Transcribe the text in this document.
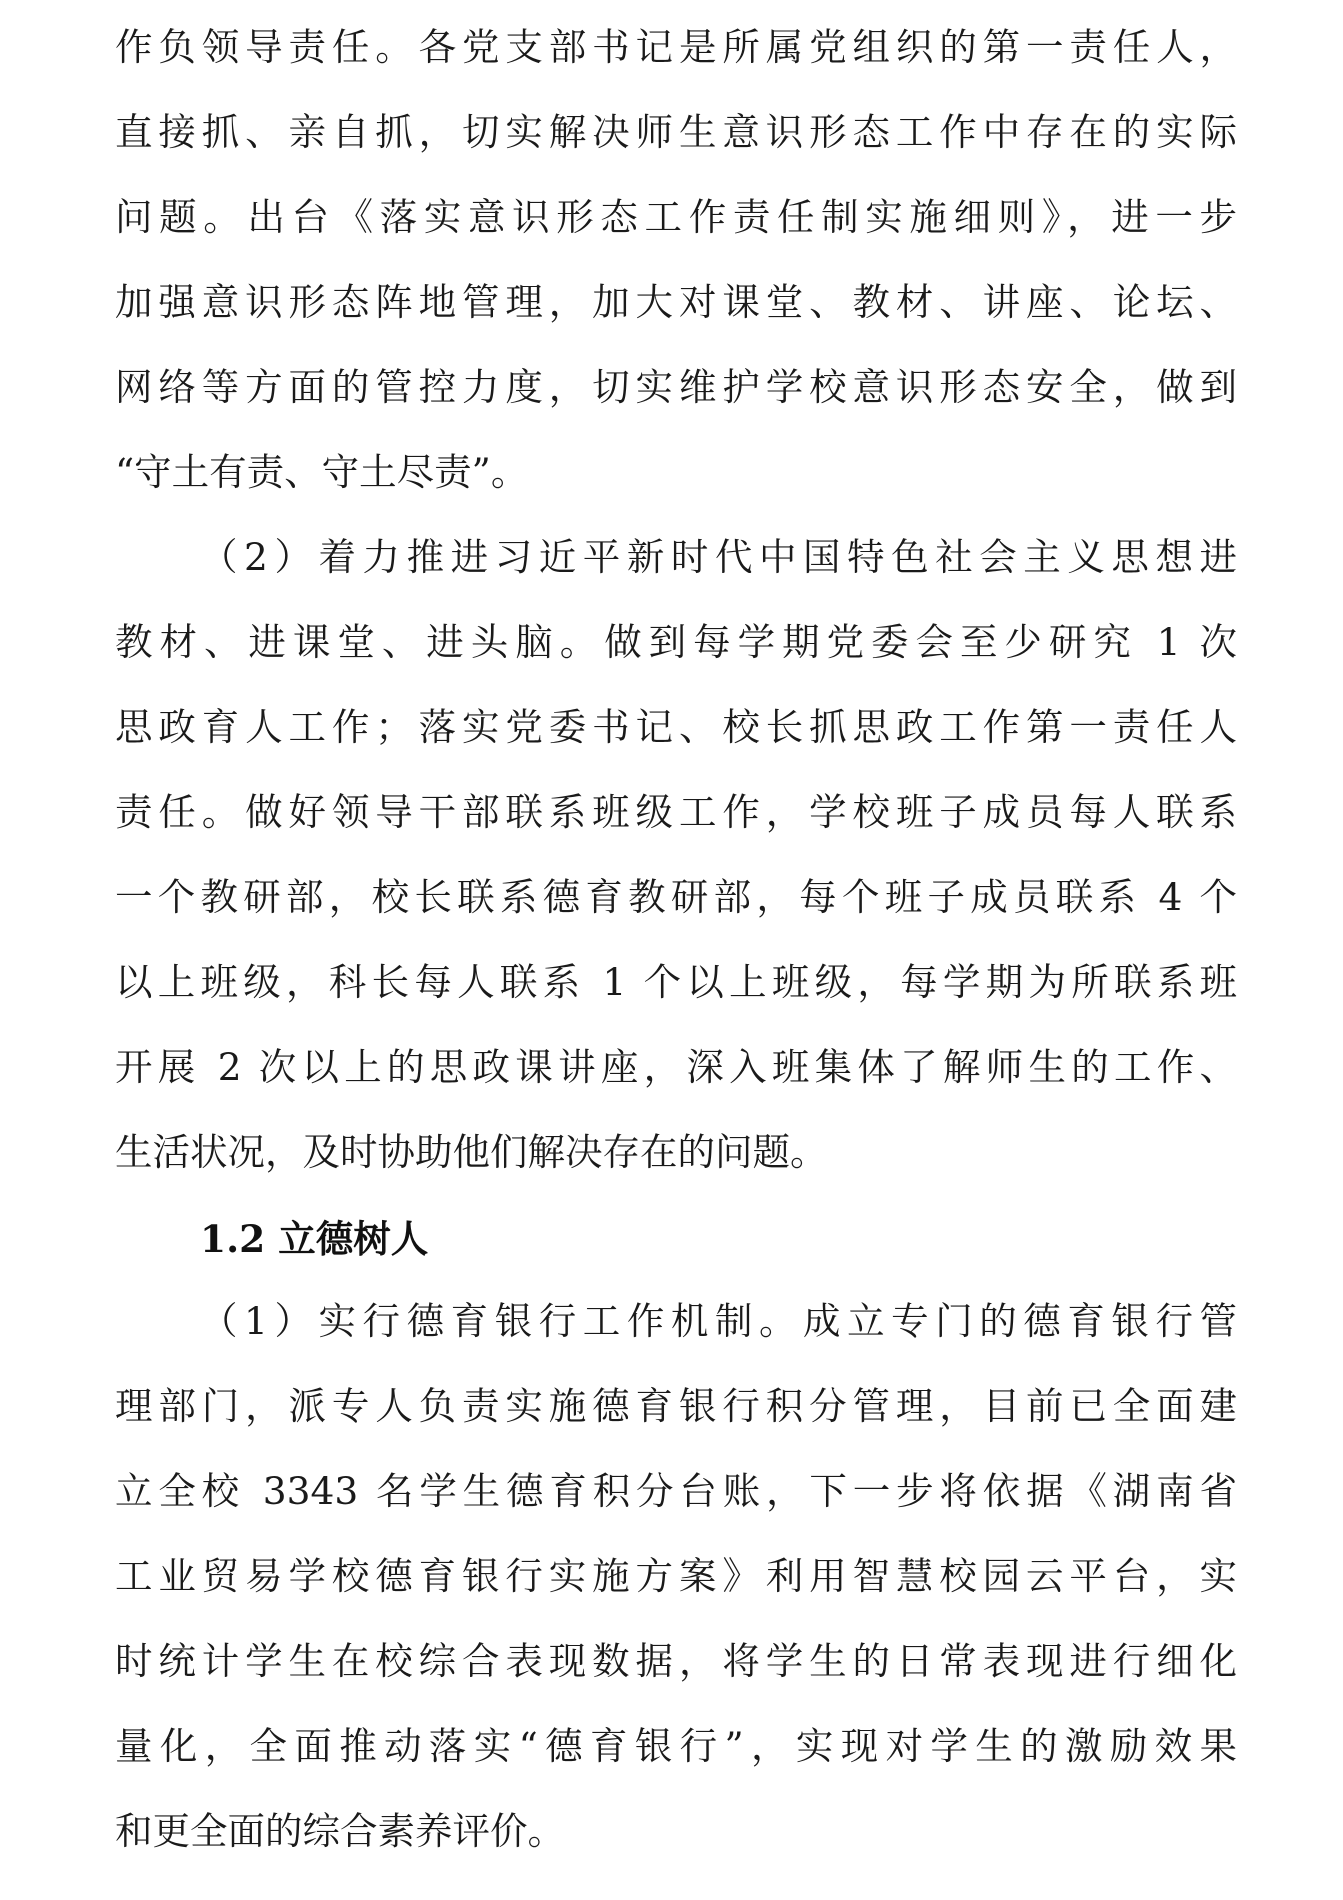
作负领导责任。各党支部书记是所属党组织的第一责任人，

直接抓、亲自抓，切实解决师生意识形态工作中存在的实际

问题。出台《落实意识形态工作责任制实施细则》，进一步

加强意识形态阵地管理，加大对课堂、教材、讲座、论坛、

网络等方面的管控力度，切实维护学校意识形态安全，做到

“守土有责、守土尽责”。

（2）着力推进习近平新时代中国特色社会主义思想进

教材、进课堂、进头脑。做到每学期党委会至少研究 1 次

思政育人工作；落实党委书记、校长抓思政工作第一责任人

责任。做好领导干部联系班级工作，学校班子成员每人联系

一个教研部，校长联系德育教研部，每个班子成员联系 4 个

以上班级，科长每人联系 1 个以上班级，每学期为所联系班

开展 2 次以上的思政课讲座，深入班集体了解师生的工作、

生活状况，及时协助他们解决存在的问题。

1.2 立德树人

（1）实行德育银行工作机制。成立专门的德育银行管

理部门，派专人负责实施德育银行积分管理，目前已全面建

立全校 3343 名学生德育积分台账，下一步将依据《湖南省

工业贸易学校德育银行实施方案》利用智慧校园云平台，实

时统计学生在校综合表现数据，将学生的日常表现进行细化

量化，全面推动落实“德育银行”，实现对学生的激励效果

和更全面的综合素养评价。
